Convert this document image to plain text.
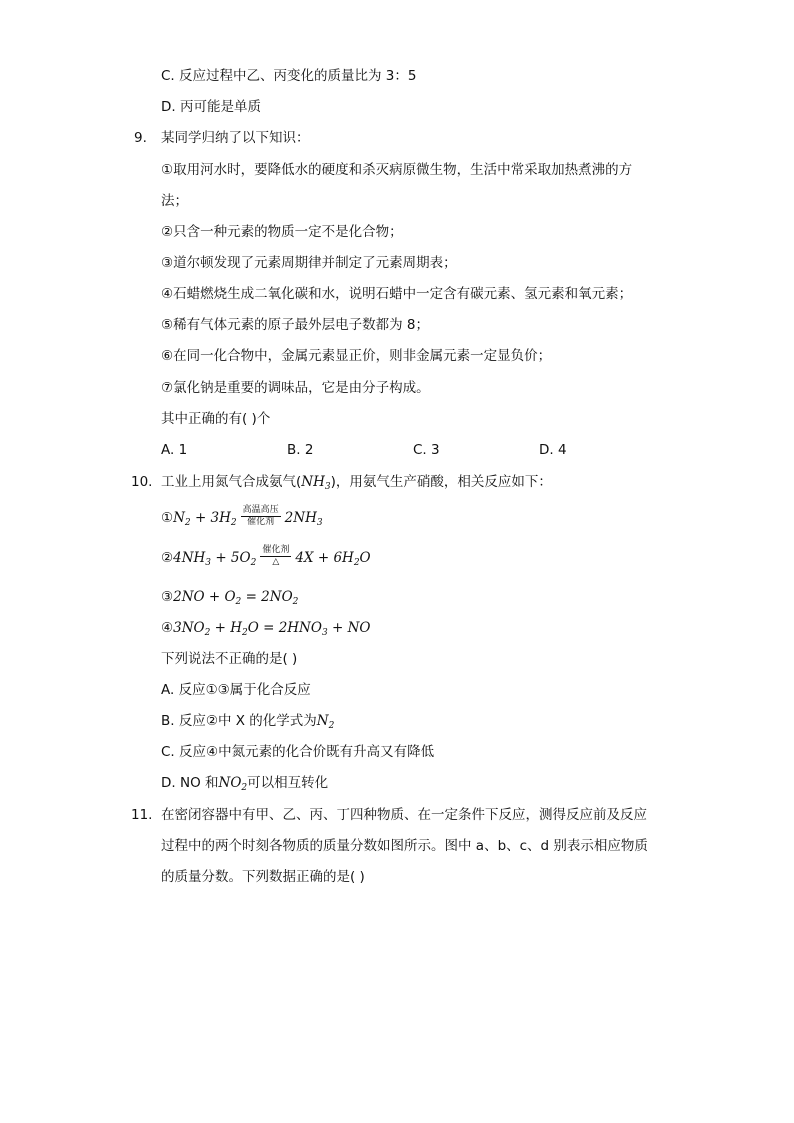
C. 反应过程中乙、丙变化的质量比为 3：5
D. 丙可能是单质
9. 某同学归纳了以下知识：
①取用河水时，要降低水的硬度和杀灭病原微生物，生活中常采取加热煮沸的方
法；
②只含一种元素的物质一定不是化合物；
③道尔顿发现了元素周期律并制定了元素周期表；
④石蜡燃烧生成二氧化碳和水，说明石蜡中一定含有碳元素、氢元素和氧元素；
⑤稀有气体元素的原子最外层电子数都为 8；
⑥在同一化合物中，金属元素显正价，则非金属元素一定显负价；
⑦氯化钠是重要的调味品，它是由分子构成。
其中正确的有( )个
A. 1	B. 2	C. 3	D. 4
10. 工业上用氮气合成氨气$(NH_3)$，用氨气生产硝酸，相关反应如下：
$①N_2 + 3H_2$
高温高压
催化剂 $2NH_3$
$②4NH_3 + 5O_2$
催化剂
△	$4X + 6H_2O$
③2NO + $O_2 = 2NO_2$
$④3NO_2 + H_2O = 2HNO_3$ + NO
下列说法不正确的是( )
A. 反应①③属于化合反应
B. 反应②中 X 的化学式为$N_2$
C. 反应④中氮元素的化合价既有升高又有降低
D. NO 和$NO_2$可以相互转化
11. 在密闭容器中有甲、乙、丙、丁四种物质、在一定条件下反应，测得反应前及反应
过程中的两个时刻各物质的质量分数如图所示。图中 a、b、c、d 别表示相应物质
的质量分数。下列数据正确的是( )
